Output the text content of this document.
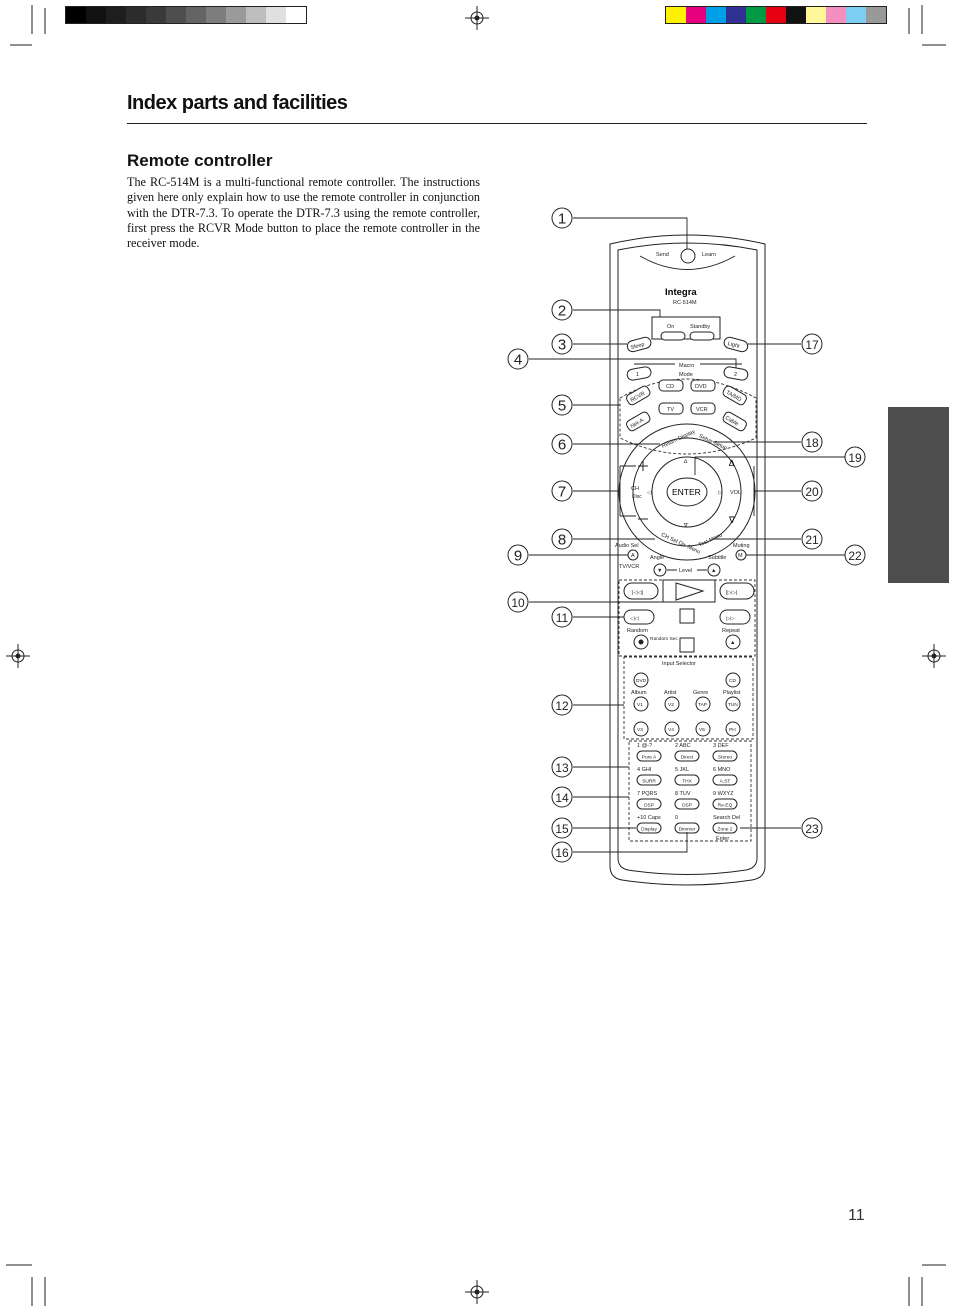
Index parts and facilities
Remote controller
The RC-514M is a multi-functional remote controller. The instructions given here only explain how to use the remote controller in conjunction with the DTR-7.3. To operate the DTR-7.3 using the remote controller, first press the RCVR Mode button to place the remote controller in the receiver mode.
11
Send	Learn
Integra
RC-514M
On	Standby
Sleep	Light
Macro
Mode
1	2
RCVR
CD	DVD
TA/MD
Net-A
TV	VCR
Cable
ENTER
∆
∇
◁	▷
CH
Disc
∆
∇
VOL
Return Display Setup Setup
CH Sel Dir. Menu
Test Menu
Audio Sel	Muting
Angle	Subtitle
A	M
TV/VCR
▼	▲
Level
|◁◁|	|▷▷|
◁◁	▷▷
Random	Repeat
Random Sec
▲
Input Selector
DVD	CD
Album	Artist	Genre	Playlist
V1	V2	TAP	TUN
V3	V4	V5	PH
1 @-?
Pure A
2 ABC
Direct
3 DEF
Stereo
4 GHI
SURR
5 JKL
THX
6 MNO
A.ST
7 PQRS
DSP
8 TUV
DSP
9 WXYZ
Re-EQ
+10 Caps
Display
0
Dimmer
Search Del
Zone 2
Enter
1
2
3
4
5
6
7
8
9
10
11
12
13
14
15
16
17
18
19
20
21
22
23
